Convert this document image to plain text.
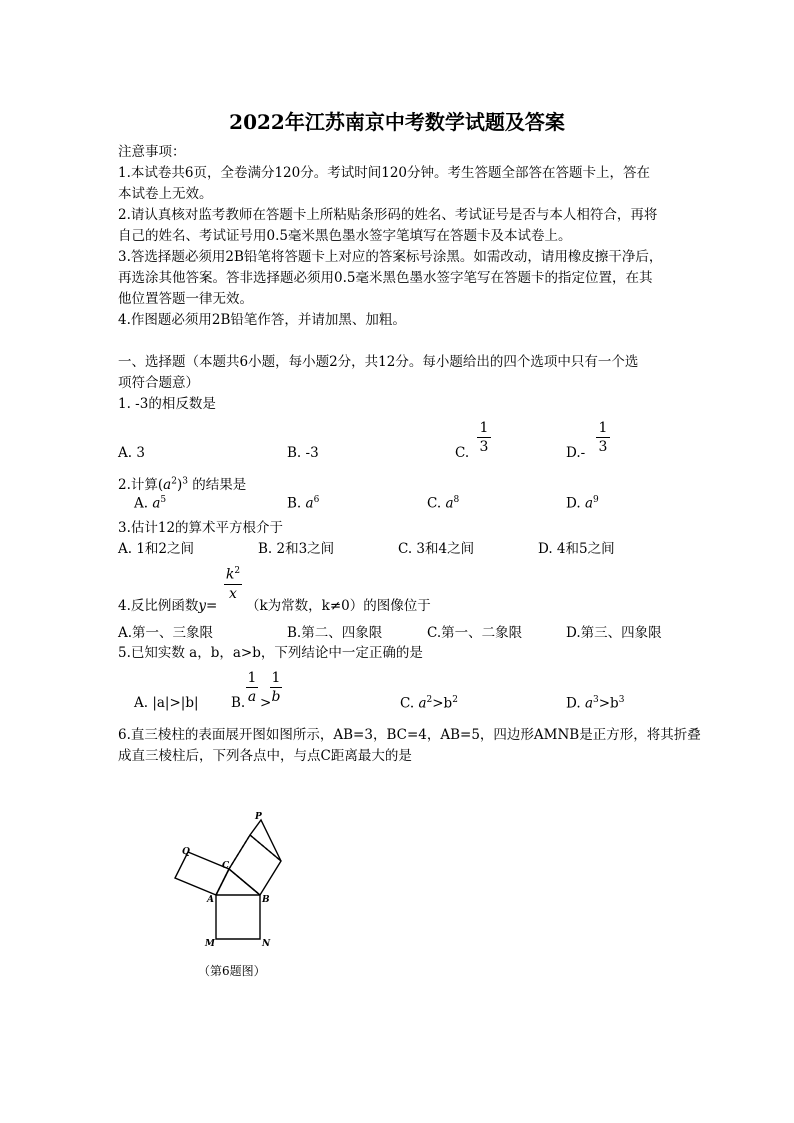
2022年江苏南京中考数学试题及答案
注意事项：
1.本试卷共6页，全卷满分120分。考试时间120分钟。考生答题全部答在答题卡上，答在
本试卷上无效。
2.请认真核对监考教师在答题卡上所粘贴条形码的姓名、考试证号是否与本人相符合，再将
自己的姓名、考试证号用0.5毫米黑色墨水签字笔填写在答题卡及本试卷上。
3.答选择题必须用2B铅笔将答题卡上对应的答案标号涂黑。如需改动，请用橡皮擦干净后，
再选涂其他答案。答非选择题必须用0.5毫米黑色墨水签字笔写在答题卡的指定位置，在其
他位置答题一律无效。
4.作图题必须用2B铅笔作答，并请加黑、加粗。
一、选择题（本题共6小题，每小题2分，共12分。每小题给出的四个选项中只有一个选
项符合题意）
1. -3的相反数是
A. 3	B. -3	C.
1
3	D.-
1
3
2.计算$(a^2)^3$ 的结果是
A. $a^5$	B. $a^6$	C. $a^8$	D. $a^9$
3.估计12的算术平方根介于
A. 1和2之间	B. 2和3之间	C. 3和4之间	D. 4和5之间
4.反比例函数y=
$k^2$
x
（k为常数，k≠0）的图像位于
A.第一、三象限	B.第二、四象限	C.第一、二象限	D.第三、四象限
5.已知实数 a，b，a>b，下列结论中一定正确的是
A. |a|>|b| B.
1
a >
1
b	C. $a^2>b^2$	D. $a^3>b^3$
6.直三棱柱的表面展开图如图所示，AB=3，BC=4，AB=5，四边形AMNB是正方形，将其折叠
成直三棱柱后，下列各点中，与点C距离最大的是
P
Q
C
A	B
M	N
（第6题图）
